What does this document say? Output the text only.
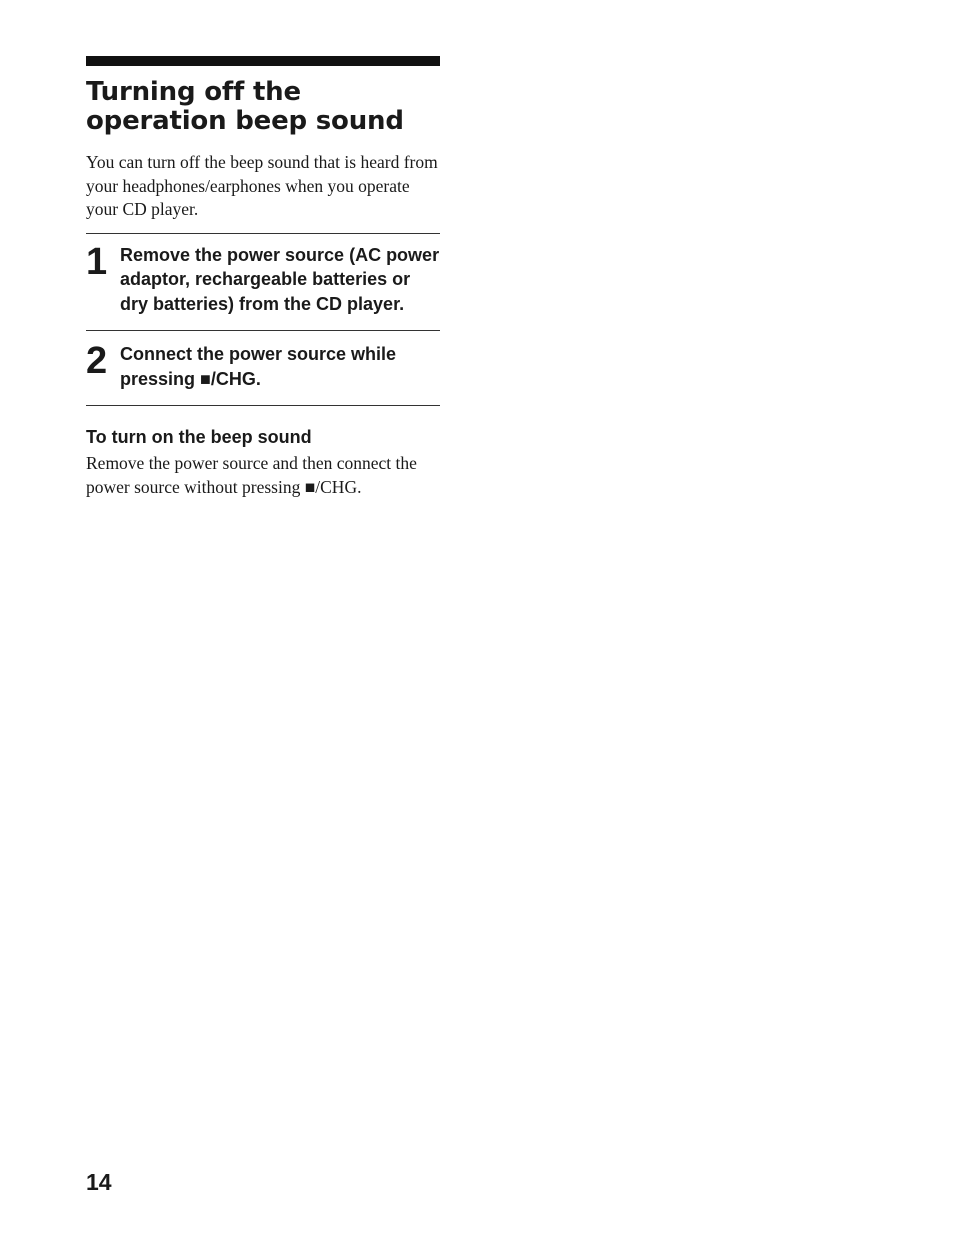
Turning off the
operation beep sound

You can turn off the beep sound that is heard from your headphones/earphones when you operate your CD player.

1 Remove the power source (AC power adaptor, rechargeable batteries or dry batteries) from the CD player.
2 Connect the power source while pressing ■/CHG.
To turn on the beep sound

Remove the power source and then connect the power source without pressing ■/CHG.

14
